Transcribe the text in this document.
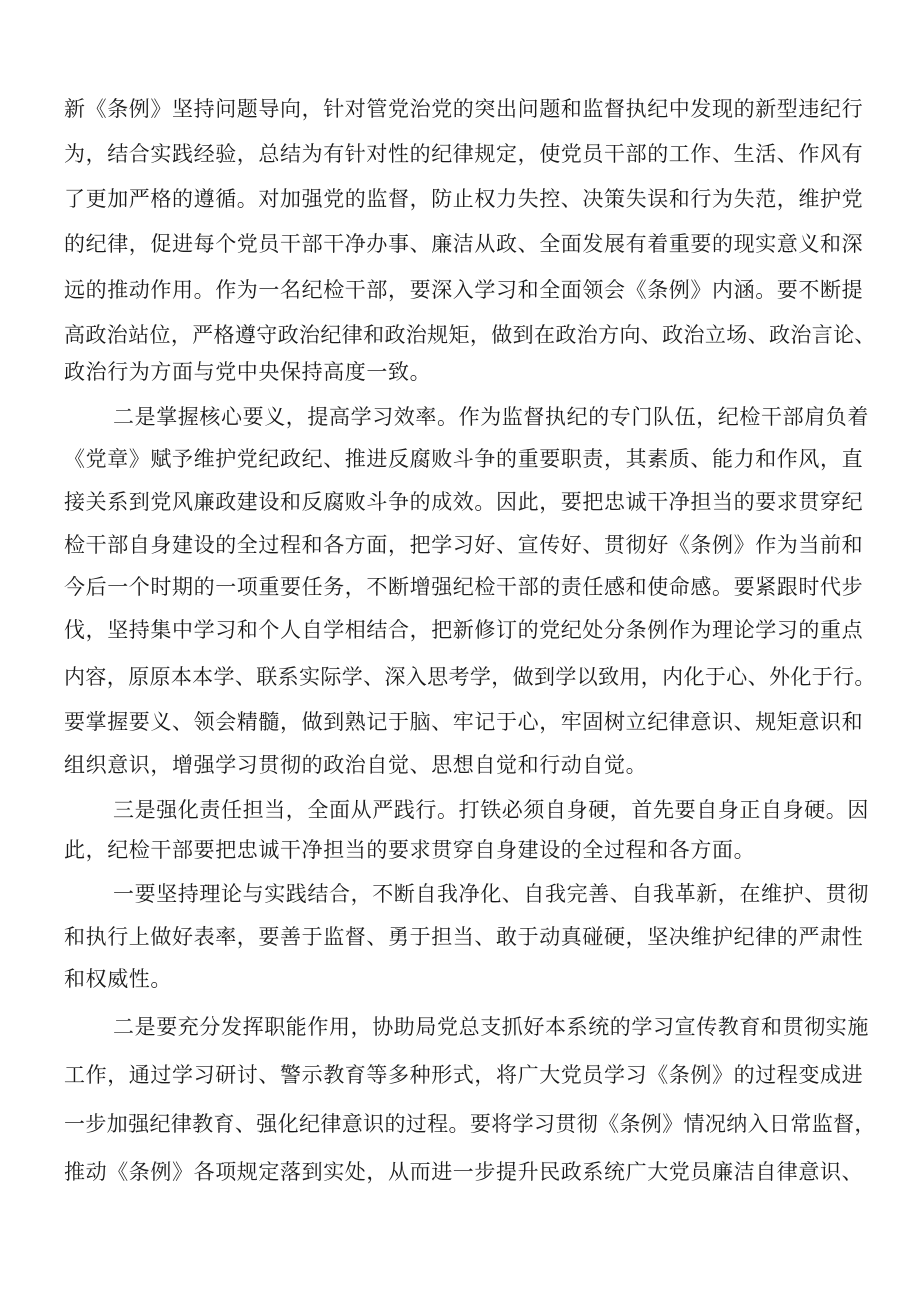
新《条例》坚持问题导向，针对管党治党的突出问题和监督执纪中发现的新型违纪行

为，结合实践经验，总结为有针对性的纪律规定，使党员干部的工作、生活、作风有

了更加严格的遵循。对加强党的监督，防止权力失控、决策失误和行为失范，维护党

的纪律，促进每个党员干部干净办事、廉洁从政、全面发展有着重要的现实意义和深

远的推动作用。作为一名纪检干部，要深入学习和全面领会《条例》内涵。要不断提

高政治站位，严格遵守政治纪律和政治规矩，做到在政治方向、政治立场、政治言论、

政治行为方面与党中央保持高度一致。

二是掌握核心要义，提高学习效率。作为监督执纪的专门队伍，纪检干部肩负着

《党章》赋予维护党纪政纪、推进反腐败斗争的重要职责，其素质、能力和作风，直

接关系到党风廉政建设和反腐败斗争的成效。因此，要把忠诚干净担当的要求贯穿纪

检干部自身建设的全过程和各方面，把学习好、宣传好、贯彻好《条例》作为当前和

今后一个时期的一项重要任务，不断增强纪检干部的责任感和使命感。要紧跟时代步

伐，坚持集中学习和个人自学相结合，把新修订的党纪处分条例作为理论学习的重点

内容，原原本本学、联系实际学、深入思考学，做到学以致用，内化于心、外化于行。

要掌握要义、领会精髓，做到熟记于脑、牢记于心，牢固树立纪律意识、规矩意识和

组织意识，增强学习贯彻的政治自觉、思想自觉和行动自觉。

三是强化责任担当，全面从严践行。打铁必须自身硬，首先要自身正自身硬。因

此，纪检干部要把忠诚干净担当的要求贯穿自身建设的全过程和各方面。

一要坚持理论与实践结合，不断自我净化、自我完善、自我革新，在维护、贯彻

和执行上做好表率，要善于监督、勇于担当、敢于动真碰硬，坚决维护纪律的严肃性

和权威性。

二是要充分发挥职能作用，协助局党总支抓好本系统的学习宣传教育和贯彻实施

工作，通过学习研讨、警示教育等多种形式，将广大党员学习《条例》的过程变成进

一步加强纪律教育、强化纪律意识的过程。要将学习贯彻《条例》情况纳入日常监督，

推动《条例》各项规定落到实处，从而进一步提升民政系统广大党员廉洁自律意识、
